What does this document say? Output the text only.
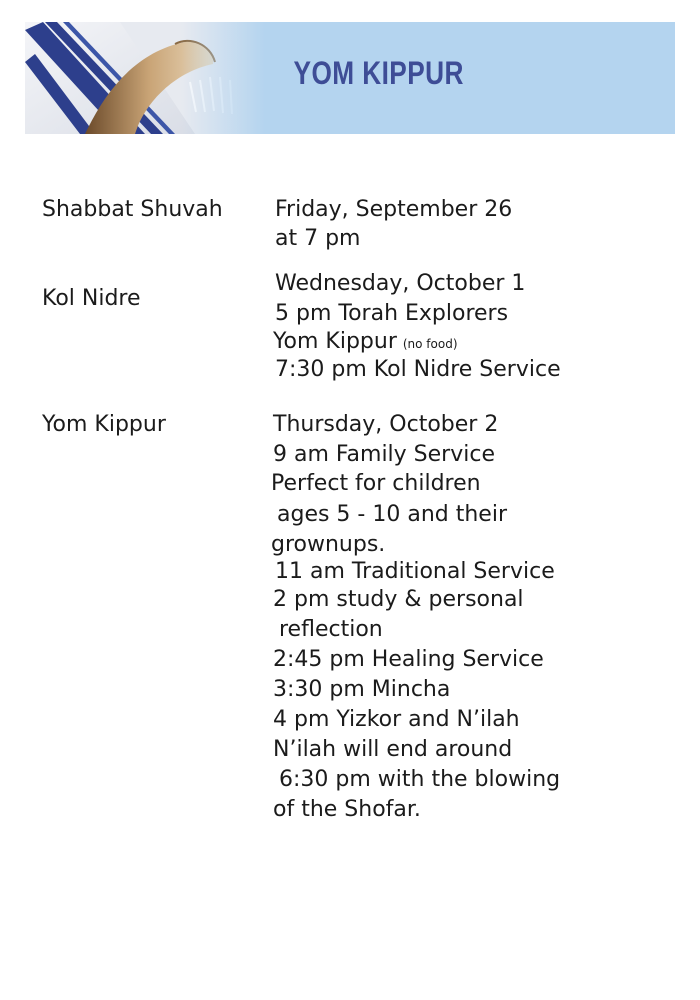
YOM KIPPUR
Shabbat Shuvah Friday, September 26
at 7 pm
Kol Nidre
Wednesday, October 1
5 pm Torah Explorers
Yom Kippur (no food)
7:30 pm Kol Nidre Service
Yom Kippur	Thursday, October 2
9 am Family Service
Perfect for children
ages 5 - 10 and their
grownups.
11 am Traditional Service
2 pm study & personal
reflection
2:45 pm Healing Service
3:30 pm Mincha
4 pm Yizkor and N’ilah
N’ilah will end around
6:30 pm with the blowing
of the Shofar.
